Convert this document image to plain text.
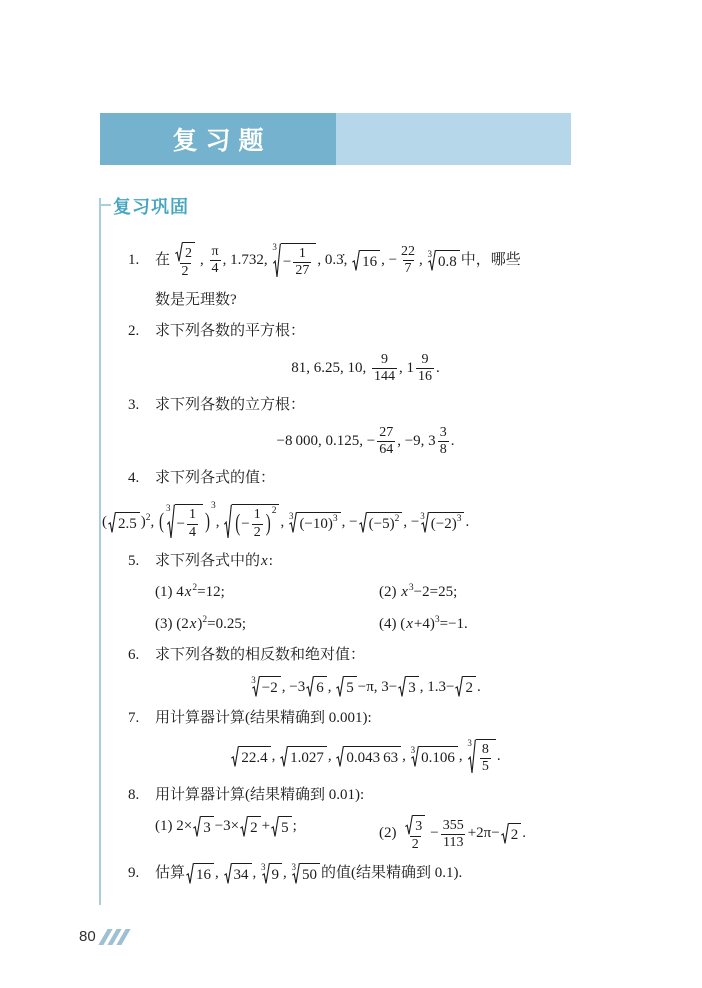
复习题
复习巩固
1. 在 $\frac{2}{2}$ , $\frac{\pi}{4}$ , 1.732,
3
− $\frac{1}{27}$ , 0.3̇, 16 , − $\frac{22}{7}$ , 3 0.8 中，哪些
数是无理数?
2. 求下列各数的平方根：
81, 6.25, 10, $\frac{9}{144}$ , $1 \frac{9}{16}$ .
3. 求下列各数的立方根：
−8 000, 0.125, − $\frac{27}{64}$ , −9, $3 \frac{3}{8}$ .
4. 求下列各式的值：
( 2.5 )$^2$, (
3
− $\frac{1}{4}$ )
$^3$, ( − $\frac{1}{2} )^2$
, 3 (−10) 3 , − (−5) 2 , − 3 (−2) 3 .
5. 求下列各式中的x:
(1) $4x^2=12$;	(2) $x^3-2=25$;
(3) $(2x)^2=0.25$;	(4) $(x+4)^3=-1$.
6. 求下列各数的相反数和绝对值：
3 −2 , −3 6 , 5 −π, 3− 3 , 1.3− 2 .
7. 用计算器计算(结果精确到 0.001):
22.4 , 1.027 , 0.043 63 , 3 0.106 ,
$3 \frac{8}{5}$ .
8. 用计算器计算(结果精确到 0.01):
(1) 2× 3 −3× 2 + 5 ;	$(2) \frac{3}{2} - \frac{355}{113} +2\pi- 2$ .
9. 估算 16 , 34 , 3 9 , 3 50 的值(结果精确到 0.1).
80
